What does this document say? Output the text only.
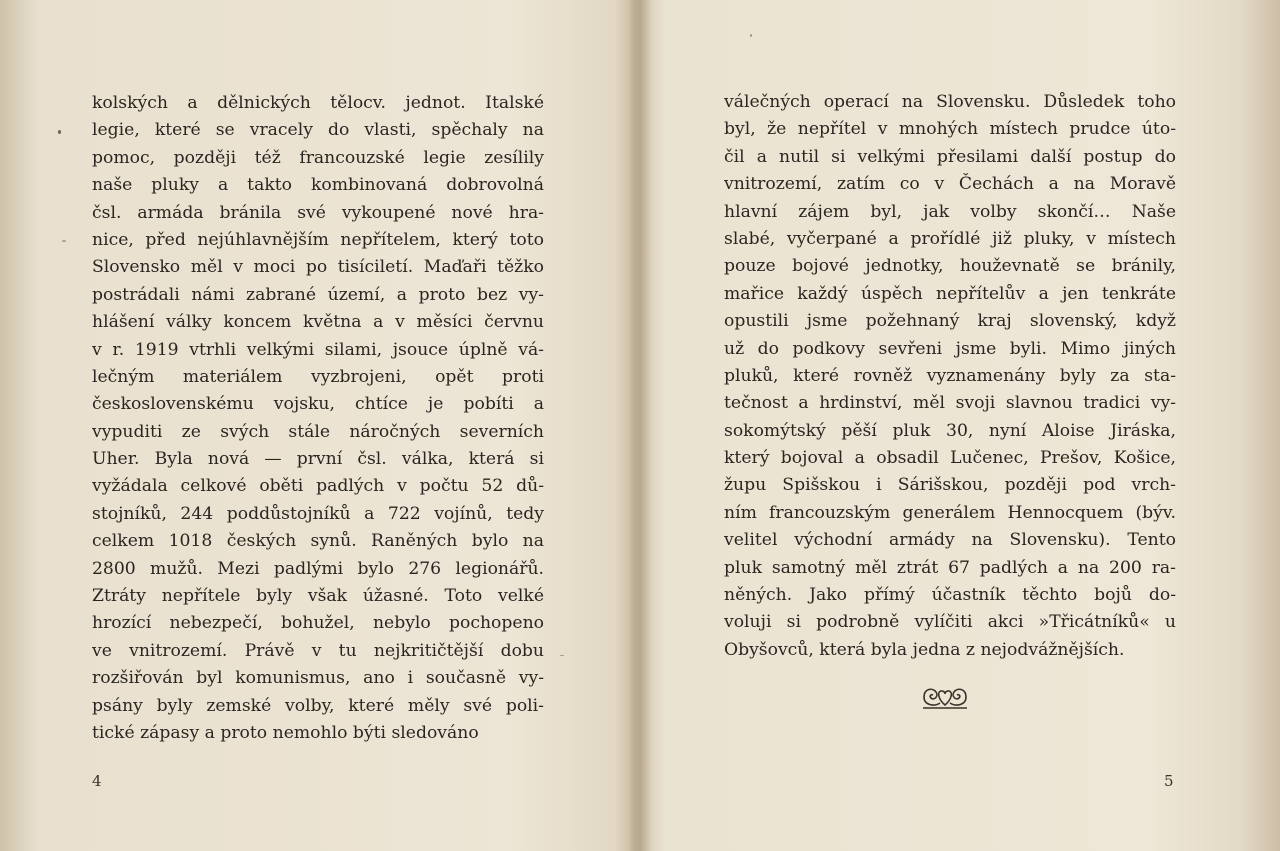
kolských a dělnických tělocv. jednot. Italské
legie, které se vracely do vlasti, spěchaly na
pomoc, později též francouzské legie zesílily
naše pluky a takto kombinovaná dobrovolná
čsl. armáda bránila své vykoupené nové hra-
nice, před nejúhlavnějším nepřítelem, který toto
Slovensko měl v moci po tisíciletí. Maďaři těžko
postrádali námi zabrané území, a proto bez vy-
hlášení války koncem května a v měsíci červnu
v r. 1919 vtrhli velkými silami, jsouce úplně vá-
lečným materiálem vyzbrojeni, opět proti
československému vojsku, chtíce je pobíti a
vypuditi ze svých stále náročných severních
Uher. Byla nová — první čsl. válka, která si
vyžádala celkové oběti padlých v počtu 52 dů-
stojníků, 244 poddůstojníků a 722 vojínů, tedy
celkem 1018 českých synů. Raněných bylo na
2800 mužů. Mezi padlými bylo 276 legionářů.
Ztráty nepřítele byly však úžasné. Toto velké
hrozící nebezpečí, bohužel, nebylo pochopeno
ve vnitrozemí. Právě v tu nejkritičtější dobu
rozšiřován byl komunismus, ano i současně vy-
psány byly zemské volby, které měly své poli-
tické zápasy a proto nemohlo býti sledováno
4
válečných operací na Slovensku. Důsledek toho
byl, že nepřítel v mnohých místech prudce úto-
čil a nutil si velkými přesilami další postup do
vnitrozemí, zatím co v Čechách a na Moravě
hlavní zájem byl, jak volby skončí… Naše
slabé, vyčerpané a prořídlé již pluky, v místech
pouze bojové jednotky, houževnatě se bránily,
mařice každý úspěch nepřítelův a jen tenkráte
opustili jsme požehnaný kraj slovenský, když
už do podkovy sevřeni jsme byli. Mimo jiných
pluků, které rovněž vyznamenány byly za sta-
tečnost a hrdinství, měl svoji slavnou tradici vy-
sokomýtský pěší pluk 30, nyní Aloise Jiráska,
který bojoval a obsadil Lučenec, Prešov, Košice,
župu Spišskou i Sárišskou, později pod vrch-
ním francouzským generálem Hennocquem (býv.
velitel východní armády na Slovensku). Tento
pluk samotný měl ztrát 67 padlých a na 200 ra-
něných. Jako přímý účastník těchto bojů do-
voluji si podrobně vylíčiti akci »Třicátníků« u
Obyšovců, která byla jedna z nejodvážnějších.
5
